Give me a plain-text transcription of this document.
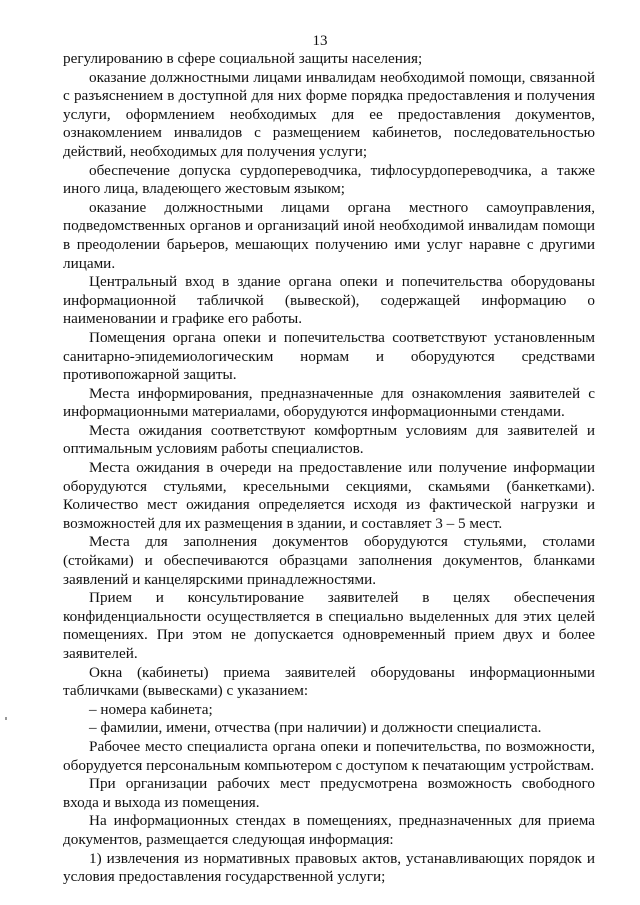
13

регулированию в сфере социальной защиты населения;

оказание должностными лицами инвалидам необходимой помощи, связанной с разъяснением в доступной для них форме порядка предоставления и получения услуги, оформлением необходимых для ее предоставления документов, ознакомлением инвалидов с размещением кабинетов, последовательностью действий, необходимых для получения услуги;

обеспечение допуска сурдопереводчика, тифлосурдопереводчика, а также иного лица, владеющего жестовым языком;

оказание должностными лицами органа местного самоуправления, подведомственных органов и организаций иной необходимой инвалидам помощи в преодолении барьеров, мешающих получению ими услуг наравне с другими лицами.

Центральный вход в здание органа опеки и попечительства оборудованы информационной табличкой (вывеской), содержащей информацию о наименовании и графике его работы.

Помещения органа опеки и попечительства соответствуют установленным санитарно-эпидемиологическим нормам и оборудуются средствами противопожарной защиты.

Места информирования, предназначенные для ознакомления заявителей с информационными материалами, оборудуются информационными стендами.

Места ожидания соответствуют комфортным условиям для заявителей и оптимальным условиям работы специалистов.

Места ожидания в очереди на предоставление или получение информации оборудуются стульями, кресельными секциями, скамьями (банкетками). Количество мест ожидания определяется исходя из фактической нагрузки и возможностей для их размещения в здании, и составляет 3 – 5 мест.

Места для заполнения документов оборудуются стульями, столами (стойками) и обеспечиваются образцами заполнения документов, бланками заявлений и канцелярскими принадлежностями.

Прием и консультирование заявителей в целях обеспечения конфиденциальности осуществляется в специально выделенных для этих целей помещениях. При этом не допускается одновременный прием двух и более заявителей.

Окна (кабинеты) приема заявителей оборудованы информационными табличками (вывесками) с указанием:

– номера кабинета;

– фамилии, имени, отчества (при наличии) и должности специалиста.

Рабочее место специалиста органа опеки и попечительства, по возможности, оборудуется персональным компьютером с доступом к печатающим устройствам.

При организации рабочих мест предусмотрена возможность свободного входа и выхода из помещения.

На информационных стендах в помещениях, предназначенных для приема документов, размещается следующая информация:

1) извлечения из нормативных правовых актов, устанавливающих порядок и условия предоставления государственной услуги;
